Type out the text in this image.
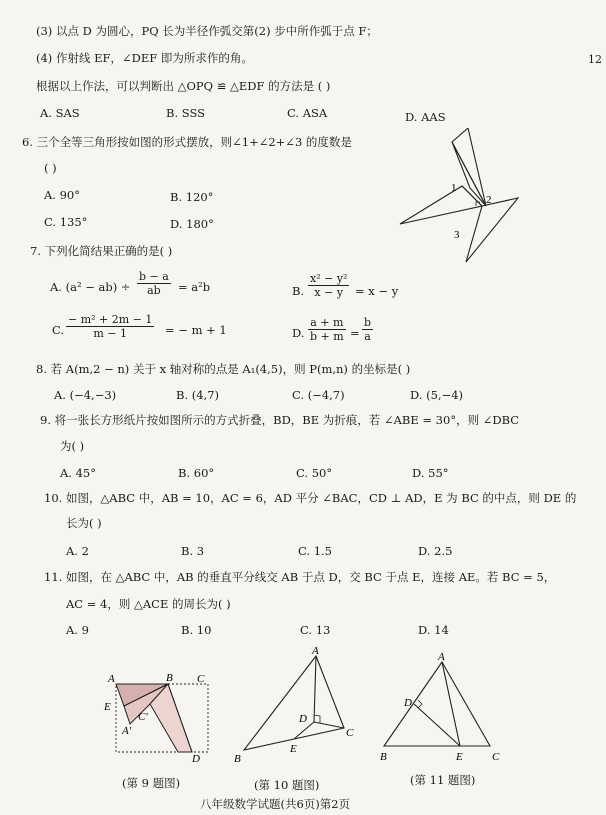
(3) 以点 D 为圆心，PQ 长为半径作弧交第(2) 步中所作弧于点 F；
(4) 作射线 EF，∠DEF 即为所求作的角。
根据以上作法，可以判断出 △OPQ ≌ △EDF 的方法是 ( )
A. SAS	B. SSS	C. ASA	D. AAS
12
6. 三个全等三角形按如图的形式摆放，则∠1+∠2+∠3 的度数是
( )
A. 90°	B. 120°
C. 135°	D. 180°
1
2
3
7. 下列化简结果正确的是( )
A. $(a^2 - ab) \div \frac{b - a}{ab} = a^2b$	B. $\frac{\text{x² − y²}}{x - y} = x - y$
C. $\frac{\text{− m² + 2m − 1}}{m - 1}$ = − m + 1	D. $\frac{a + m}{b + m} = \frac{b}{a}$
8. 若 A(m,2 − n) 关于 x 轴对称的点是 A₁(4,5)，则 P(m,n) 的坐标是( )
A. (−4,−3)	B. (4,7)	C. (−4,7)	D. (5,−4)
9. 将一张长方形纸片按如图所示的方式折叠，BD，BE 为折痕，若 ∠ABE = 30°，则 ∠DBC
为( )
A. 45°	B. 60°	C. 50°	D. 55°
10. 如图，△ABC 中，AB = 10，AC = 6，AD 平分 ∠BAC，CD ⊥ AD，E 为 BC 的中点，则 DE 的
长为( )
A. 2	B. 3	C. 1.5	D. 2.5
11. 如图，在 △ABC 中，AB 的垂直平分线交 AB 于点 D，交 BC 于点 E，连接 AE。若 BC = 5，
AC = 4，则 △ACE 的周长为( )
A. 9	B. 10	C. 13	D. 14
A	B C
E
C'
A'
D
(第 9 题图)
A
B
C
D
E
(第 10 题图)
A
B	C
D
E
(第 11 题图)
八年级数学试题(共6页)第2页
